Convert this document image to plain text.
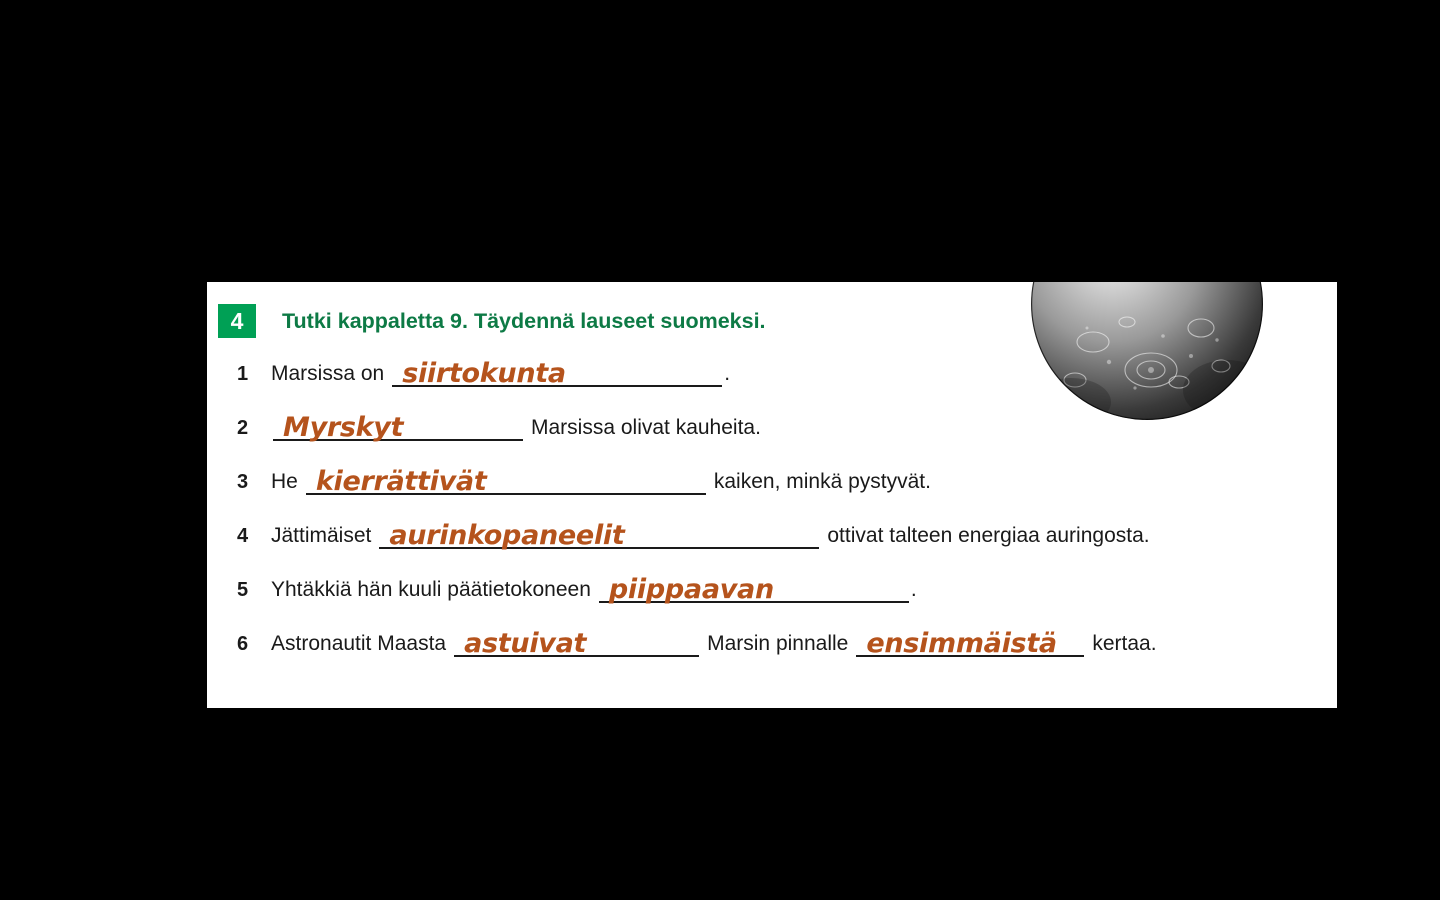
4	Tutki kappaletta 9. Täydennä lauseet suomeksi.
1	Marsissa on siirtokunta	.
2	Myrskyt	Marsissa olivat kauheita.
3	He kierrättivät	kaiken, minkä pystyvät.
4	Jättimäiset aurinkopaneelit	ottivat talteen energiaa auringosta.
5	Yhtäkkiä hän kuuli päätietokoneen piippaavan	.
6	Astronautit Maasta astuivat	Marsin pinnalle ensimmäistä kertaa.
